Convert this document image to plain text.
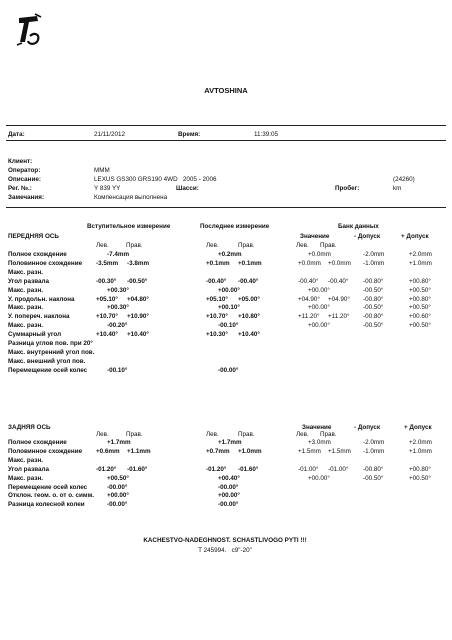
AVTOSHINA
Дата:	21/11/2012	Время:	11:39:05
Клиент:
Оператор:	MMM
Описание:	LEXUS GS300 GRS190 4WD   2005 - 2006	(24260)
Рег. №.:	Y 839 YY	Шасси:	Пробег:	km
Замечания:	Компенсация выполнена
Вступительное измерение	Последнее измерение	Банк данных
ПЕРЕДНЯЯ ОСЬ	Значение	- Допуск	+ Допуск
Лев.	Прав.	Лев.	Прав.	Лев. Прав.
Полное схождение	-7.4mm	+0.2mm	+0.0mm	-2.0mm	+2.0mm
Половинное схождение -3.5mm -3.8mm	+0.1mm +0.1mm	+0.0mm +0.0mm -1.0mm	+1.0mm
Макс. разн.
Угол развала	-00.30° -00.50°	-00.40° -00.40°	-00.40° -00.40° -00.80°	+00.80°
Макс. разн.	+00.30°	+00.00°	+00.00°	-00.50°	+00.50°
У. продольн. наклона	+05.10° +04.80°	+05.10° +05.00°	+04.90° +04.90° -00.80°	+00.80°
Макс. разн.	+00.30°	+00.10°	+00.00°	-00.50°	+00.50°
У. попереч. наклона	+10.70° +10.90°	+10.70° +10.80°	+11.20° +11.20° -00.80°	+00.60°
Макс. разн.	-00.20°	-00.10°	+00.00°	-00.50°	+00.50°
Суммарный угол	+10.40° +10.40°	+10.30° +10.40°
Разница углов пов. при 20°
Макс. внутренний угол пов.
Макс. внешний угол пов.
Перемещение осей колес	-00.10°	-00.00°
ЗАДНЯЯ ОСЬ	Значение	- Допуск	+ Допуск
Лев.	Прав.	Лев.	Прав.	Лев. Прав.
Полное схождение	+1.7mm	+1.7mm	+3.0mm	-2.0mm	+2.0mm
Половинное схождение +0.6mm +1.1mm	+0.7mm +1.0mm	+1.5mm +1.5mm -1.0mm	+1.0mm
Макс. разн.
Угол развала	-01.20° -01.60°	-01.20° -01.60°	-01.00° -01.00° -00.80°	+00.80°
Макс. разн.	+00.50°	+00.40°	+00.00°	-00.50°	+00.50°
Перемещение осей колес	-00.00°	-00.00°
Отклон. геом. о. от о. симм. +00.00°	+00.00°
Разница колесной колеи	-00.00°	-00.00°
KACHESTVO-NADEGHNOST. SCHASTLIVOGO PYTI !!!
T 245994.   c9"-20"
